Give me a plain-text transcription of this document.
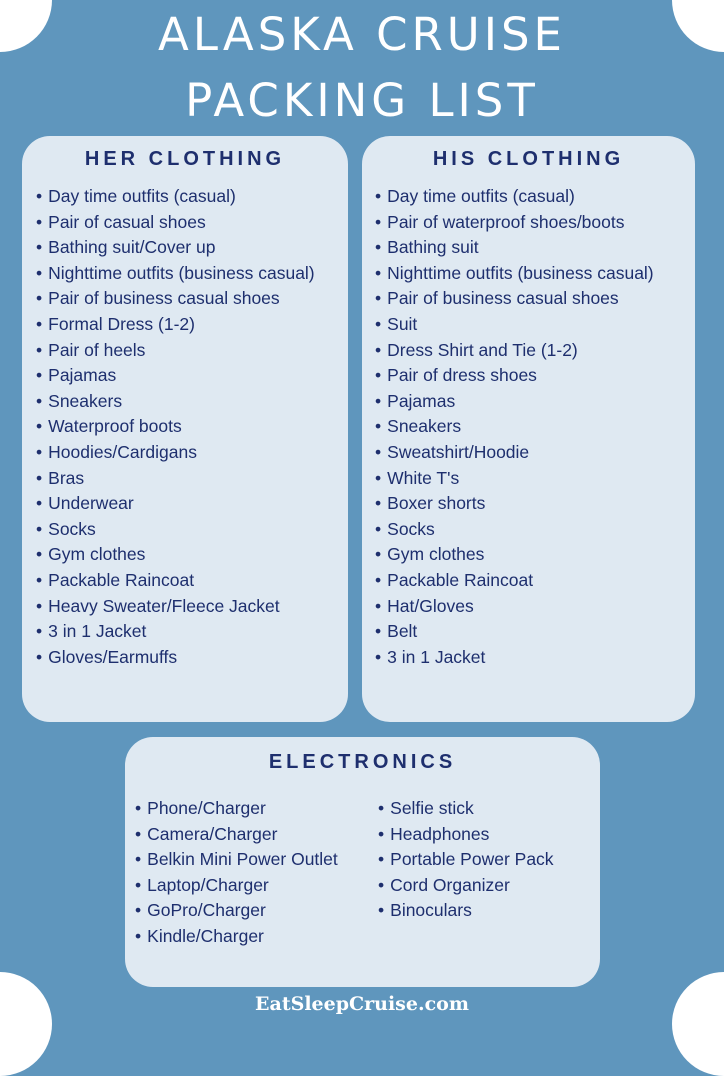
ALASKA CRUISE
PACKING LIST
HER CLOTHING
• Day time outfits (casual)
• Pair of casual shoes
• Bathing suit/Cover up
• Nighttime outfits (business casual)
• Pair of business casual shoes
• Formal Dress (1-2)
• Pair of heels
• Pajamas
• Sneakers
• Waterproof boots
• Hoodies/Cardigans
• Bras
• Underwear
• Socks
• Gym clothes
• Packable Raincoat
• Heavy Sweater/Fleece Jacket
• 3 in 1 Jacket
• Gloves/Earmuffs
HIS CLOTHING
• Day time outfits (casual)
• Pair of waterproof shoes/boots
• Bathing suit
• Nighttime outfits (business casual)
• Pair of business casual shoes
• Suit
• Dress Shirt and Tie (1-2)
• Pair of dress shoes
• Pajamas
• Sneakers
• Sweatshirt/Hoodie
• White T's
• Boxer shorts
• Socks
• Gym clothes
• Packable Raincoat
• Hat/Gloves
• Belt
• 3 in 1 Jacket
ELECTRONICS
• Phone/Charger
• Camera/Charger
• Belkin Mini Power Outlet
• Laptop/Charger
• GoPro/Charger
• Kindle/Charger
• Selfie stick
• Headphones
• Portable Power Pack
• Cord Organizer
• Binoculars
EatSleepCruise.com
